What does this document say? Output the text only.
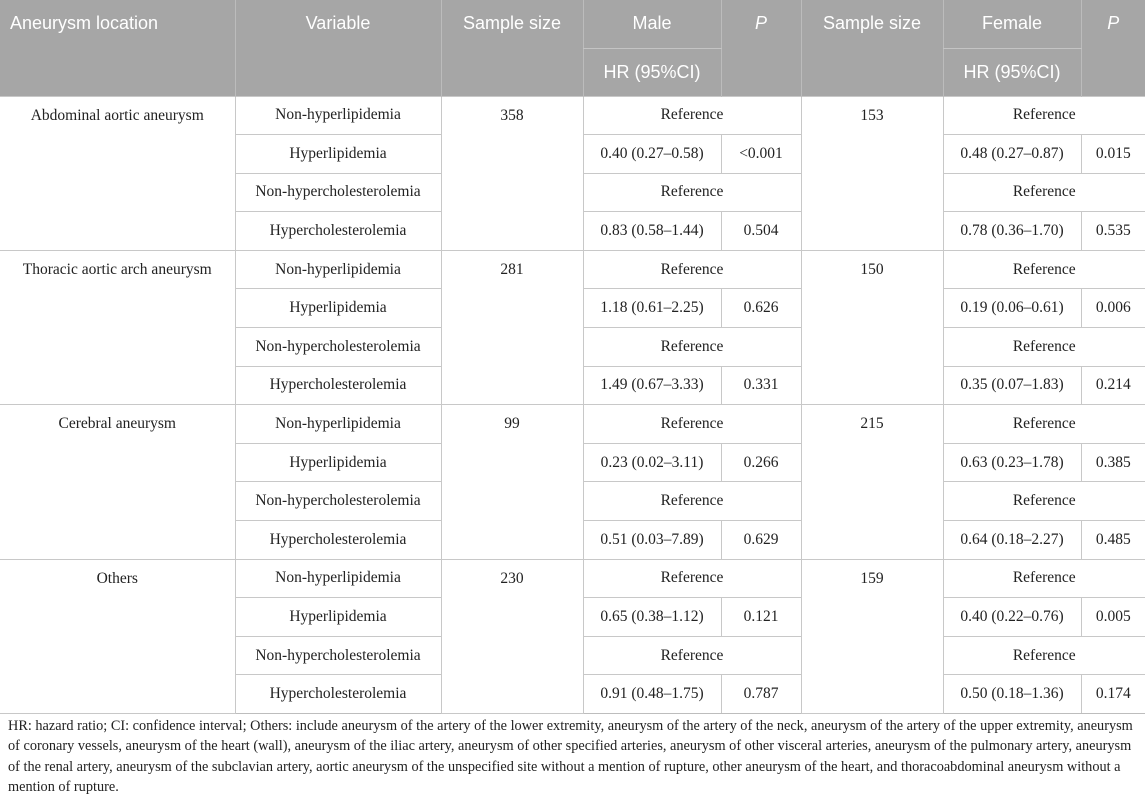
Aneurysm location	Variable	Sample size	Male	P	Sample size	Female	P
			HR (95%CI)			HR (95%CI)	
Abdominal aortic aneurysm	Non-hyperlipidemia	358	Reference		153	Reference	
	Hyperlipidemia		0.40 (0.27–0.58)	<0.001		0.48 (0.27–0.87)	0.015
	Non-hypercholesterolemia		Reference			Reference	
	Hypercholesterolemia		0.83 (0.58–1.44)	0.504		0.78 (0.36–1.70)	0.535
Thoracic aortic arch aneurysm	Non-hyperlipidemia	281	Reference		150	Reference	
	Hyperlipidemia		1.18 (0.61–2.25)	0.626		0.19 (0.06–0.61)	0.006
	Non-hypercholesterolemia		Reference			Reference	
	Hypercholesterolemia		1.49 (0.67–3.33)	0.331		0.35 (0.07–1.83)	0.214
Cerebral aneurysm	Non-hyperlipidemia	99	Reference		215	Reference	
	Hyperlipidemia		0.23 (0.02–3.11)	0.266		0.63 (0.23–1.78)	0.385
	Non-hypercholesterolemia		Reference			Reference	
	Hypercholesterolemia		0.51 (0.03–7.89)	0.629		0.64 (0.18–2.27)	0.485
Others	Non-hyperlipidemia	230	Reference		159	Reference	
	Hyperlipidemia		0.65 (0.38–1.12)	0.121		0.40 (0.22–0.76)	0.005
	Non-hypercholesterolemia		Reference			Reference	
	Hypercholesterolemia		0.91 (0.48–1.75)	0.787		0.50 (0.18–1.36)	0.174

HR: hazard ratio; CI: confidence interval; Others: include aneurysm of the artery of the lower extremity, aneurysm of the artery of the neck, aneurysm of the artery of the upper extremity, aneurysm of coronary vessels, aneurysm of the heart (wall), aneurysm of the iliac artery, aneurysm of other specified arteries, aneurysm of other visceral arteries, aneurysm of the pulmonary artery, aneurysm of the renal artery, aneurysm of the subclavian artery, aortic aneurysm of the unspecified site without a mention of rupture, other aneurysm of the heart, and thoracoabdominal aneurysm without a mention of rupture.
